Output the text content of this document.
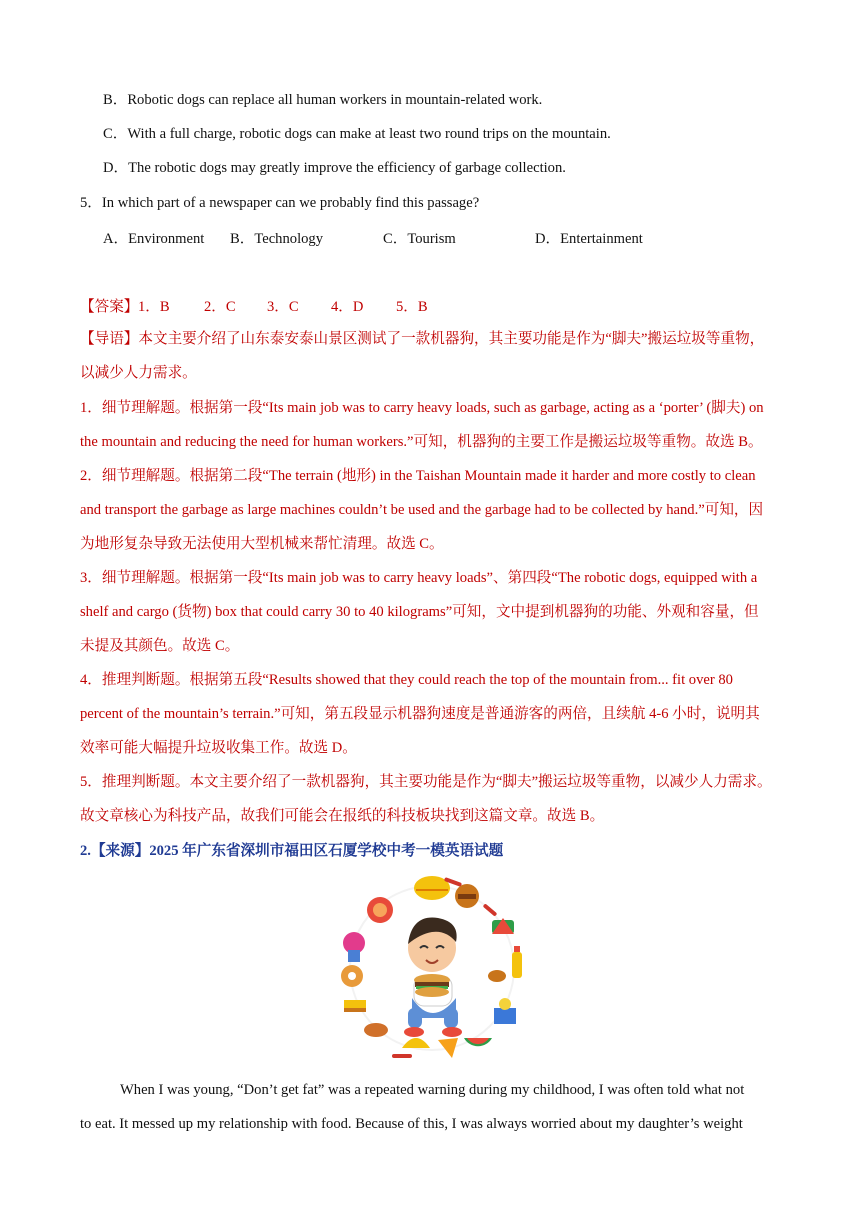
B．Robotic dogs can replace all human workers in mountain-related work.
C．With a full charge, robotic dogs can make at least two round trips on the mountain.
D．The robotic dogs may greatly improve the efficiency of garbage collection.
5．In which part of a newspaper can we probably find this passage?
A．Environment B．Technology	C．Tourism	D．Entertainment
【答案】 1．B 2．C 3．C 4．D 5．B
【导语】本文主要介绍了山东泰安泰山景区测试了一款机器狗，其主要功能是作为“脚夫”搬运垃圾等重物，
以减少人力需求。
1．细节理解题。根据第一段“Its main job was to carry heavy loads, such as garbage, acting as a ‘porter’ (脚夫) on
the mountain and reducing the need for human workers.”可知，机器狗的主要工作是搬运垃圾等重物。故选 B。
2．细节理解题。根据第二段“The terrain (地形) in the Taishan Mountain made it harder and more costly to clean
and transport the garbage as large machines couldn’t be used and the garbage had to be collected by hand.”可知，因
为地形复杂导致无法使用大型机械来帮忙清理。故选 C。
3．细节理解题。根据第一段“Its main job was to carry heavy loads”、第四段“The robotic dogs, equipped with a
shelf and cargo (货物) box that could carry 30 to 40 kilograms”可知，文中提到机器狗的功能、外观和容量，但
未提及其颜色。故选 C。
4．推理判断题。根据第五段“Results showed that they could reach the top of the mountain from... fit over 80
percent of the mountain’s terrain.”可知，第五段显示机器狗速度是普通游客的两倍，且续航 4-6 小时，说明其
效率可能大幅提升垃圾收集工作。故选 D。
5．推理判断题。本文主要介绍了一款机器狗，其主要功能是作为“脚夫”搬运垃圾等重物，以减少人力需求。
故文章核心为科技产品，故我们可能会在报纸的科技板块找到这篇文章。故选 B。
2.【来源】2025 年广东省深圳市福田区石厦学校中考一模英语试题
When I was young, “Don’t get fat” was a repeated warning during my childhood, I was often told what not
to eat. It messed up my relationship with food. Because of this, I was always worried about my daughter’s weight
